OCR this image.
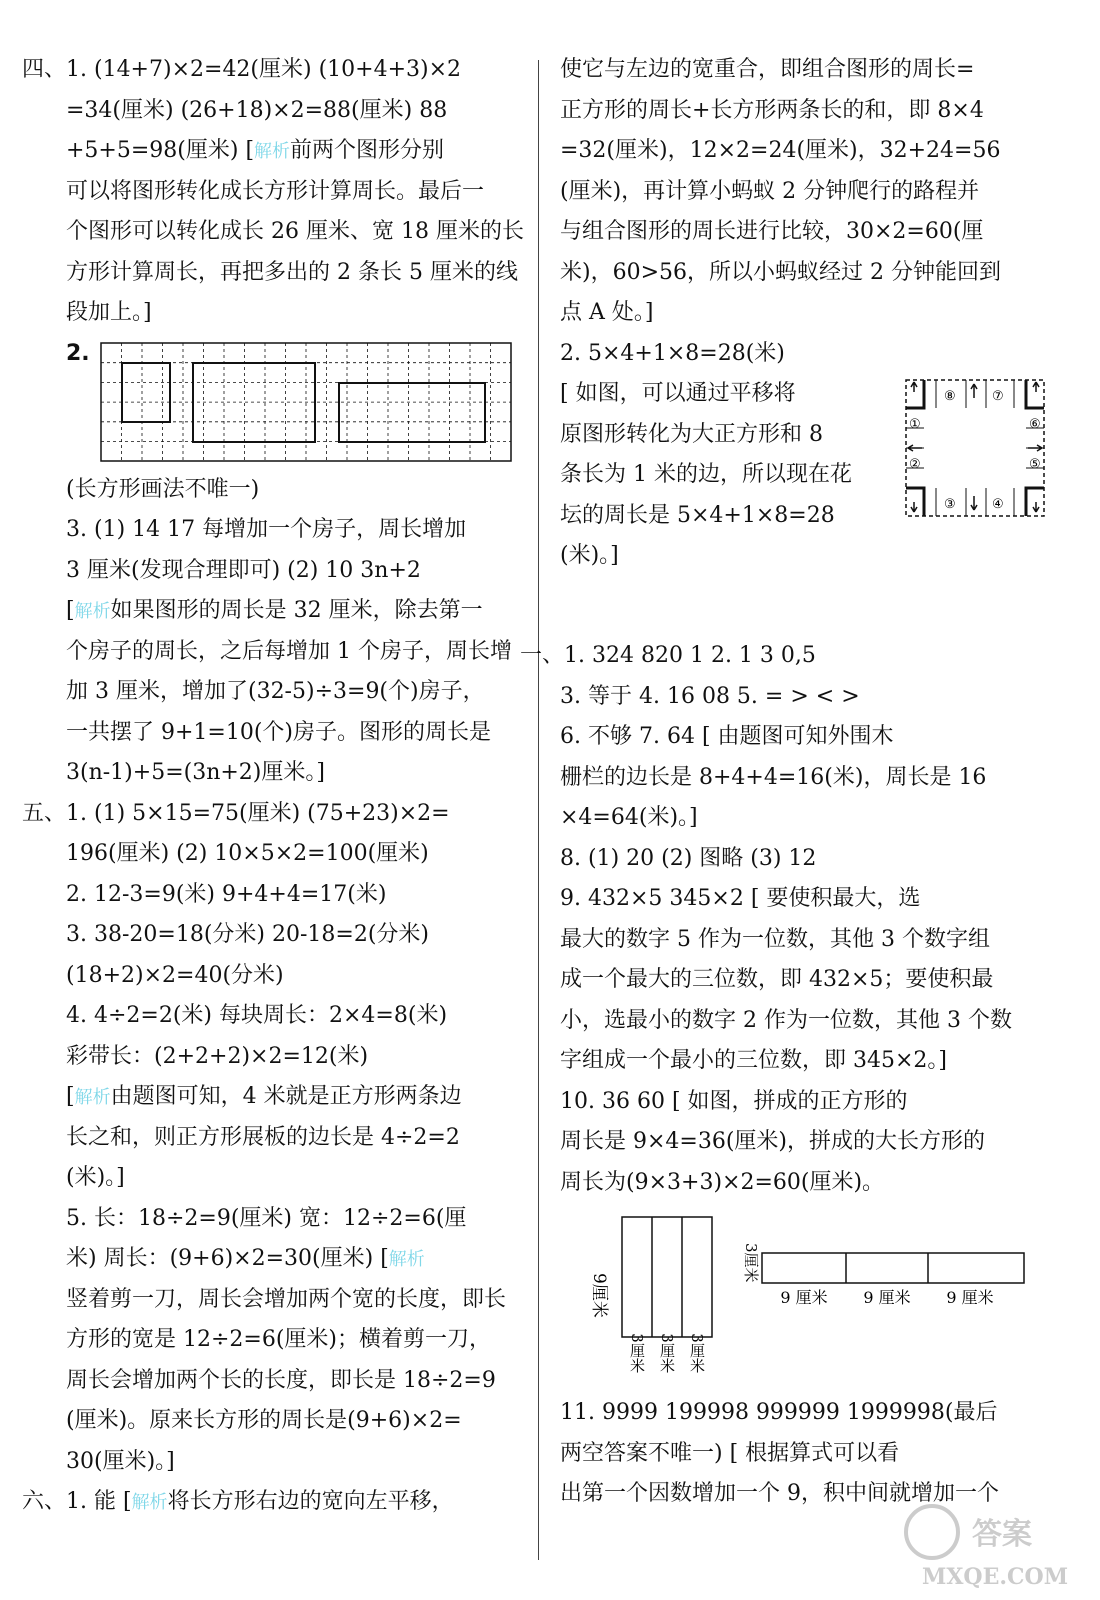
四、1. (14+7)×2=42(厘米) (10+4+3)×2
=34(厘米) (26+18)×2=88(厘米) 88
+5+5=98(厘米) [解析前两个图形分别
可以将图形转化成长方形计算周长。最后一
个图形可以转化成长 26 厘米、宽 18 厘米的长
方形计算周长，再把多出的 2 条长 5 厘米的线
段加上。]
2.
(长方形画法不唯一)
3. (1) 14 17 每增加一个房子，周长增加
3 厘米(发现合理即可) (2) 10 3n+2
[解析如果图形的周长是 32 厘米，除去第一
个房子的周长，之后每增加 1 个房子，周长增
加 3 厘米，增加了(32-5)÷3=9(个)房子，
一共摆了 9+1=10(个)房子。图形的周长是
3(n-1)+5=(3n+2)厘米。]
五、1. (1) 5×15=75(厘米) (75+23)×2=
196(厘米) (2) 10×5×2=100(厘米)
2. 12-3=9(米) 9+4+4=17(米)
3. 38-20=18(分米) 20-18=2(分米)
(18+2)×2=40(分米)
4. 4÷2=2(米) 每块周长：2×4=8(米)
彩带长：(2+2+2)×2=12(米)
[解析由题图可知，4 米就是正方形两条边
长之和，则正方形展板的边长是 4÷2=2
(米)。]
5. 长：18÷2=9(厘米) 宽：12÷2=6(厘
米) 周长：(9+6)×2=30(厘米) [解析
竖着剪一刀，周长会增加两个宽的长度，即长
方形的宽是 12÷2=6(厘米)；横着剪一刀，
周长会增加两个长的长度，即长是 18÷2=9
(厘米)。原来长方形的周长是(9+6)×2=
30(厘米)。]
六、1. 能 [解析将长方形右边的宽向左平移，
使它与左边的宽重合，即组合图形的周长=
正方形的周长+长方形两条长的和，即 8×4
=32(厘米)，12×2=24(厘米)，32+24=56
(厘米)，再计算小蚂蚁 2 分钟爬行的路程并
与组合图形的周长进行比较，30×2=60(厘
米)，60>56，所以小蚂蚁经过 2 分钟能回到
点 A 处。]
2. 5×4+1×8=28(米)
[ 如图，可以通过平移将
原图形转化为大正方形和 8
条长为 1 米的边，所以现在花
坛的周长是 5×4+1×8=28
(米)。]
⑧	⑦
①	⑥
②	⑤
③	④
一、1. 324 820 1 2. 1 3 0,5
3. 等于 4. 16 08 5. = > < >
6. 不够 7. 64 [ 由题图可知外围木
栅栏的边长是 8+4+4=16(米)，周长是 16
×4=64(米)。]
8. (1) 20 (2) 图略 (3) 12
9. 432×5 345×2 [ 要使积最大，选
最大的数字 5 作为一位数，其他 3 个数字组
成一个最大的三位数，即 432×5；要使积最
小，选最小的数字 2 作为一位数，其他 3 个数
字组成一个最小的三位数，即 345×2。]
10. 36 60 [ 如图，拼成的正方形的
周长是 9×4=36(厘米)，拼成的大长方形的
周长为(9×3+3)×2=60(厘米)。
9厘米
3厘米 3厘米 3厘米
3厘米
9 厘米 9 厘米 9 厘米
11. 9999 199998 999999 1999998(最后
两空答案不唯一) [ 根据算式可以看
出第一个因数增加一个 9，积中间就增加一个
答案
MXQE.COM
